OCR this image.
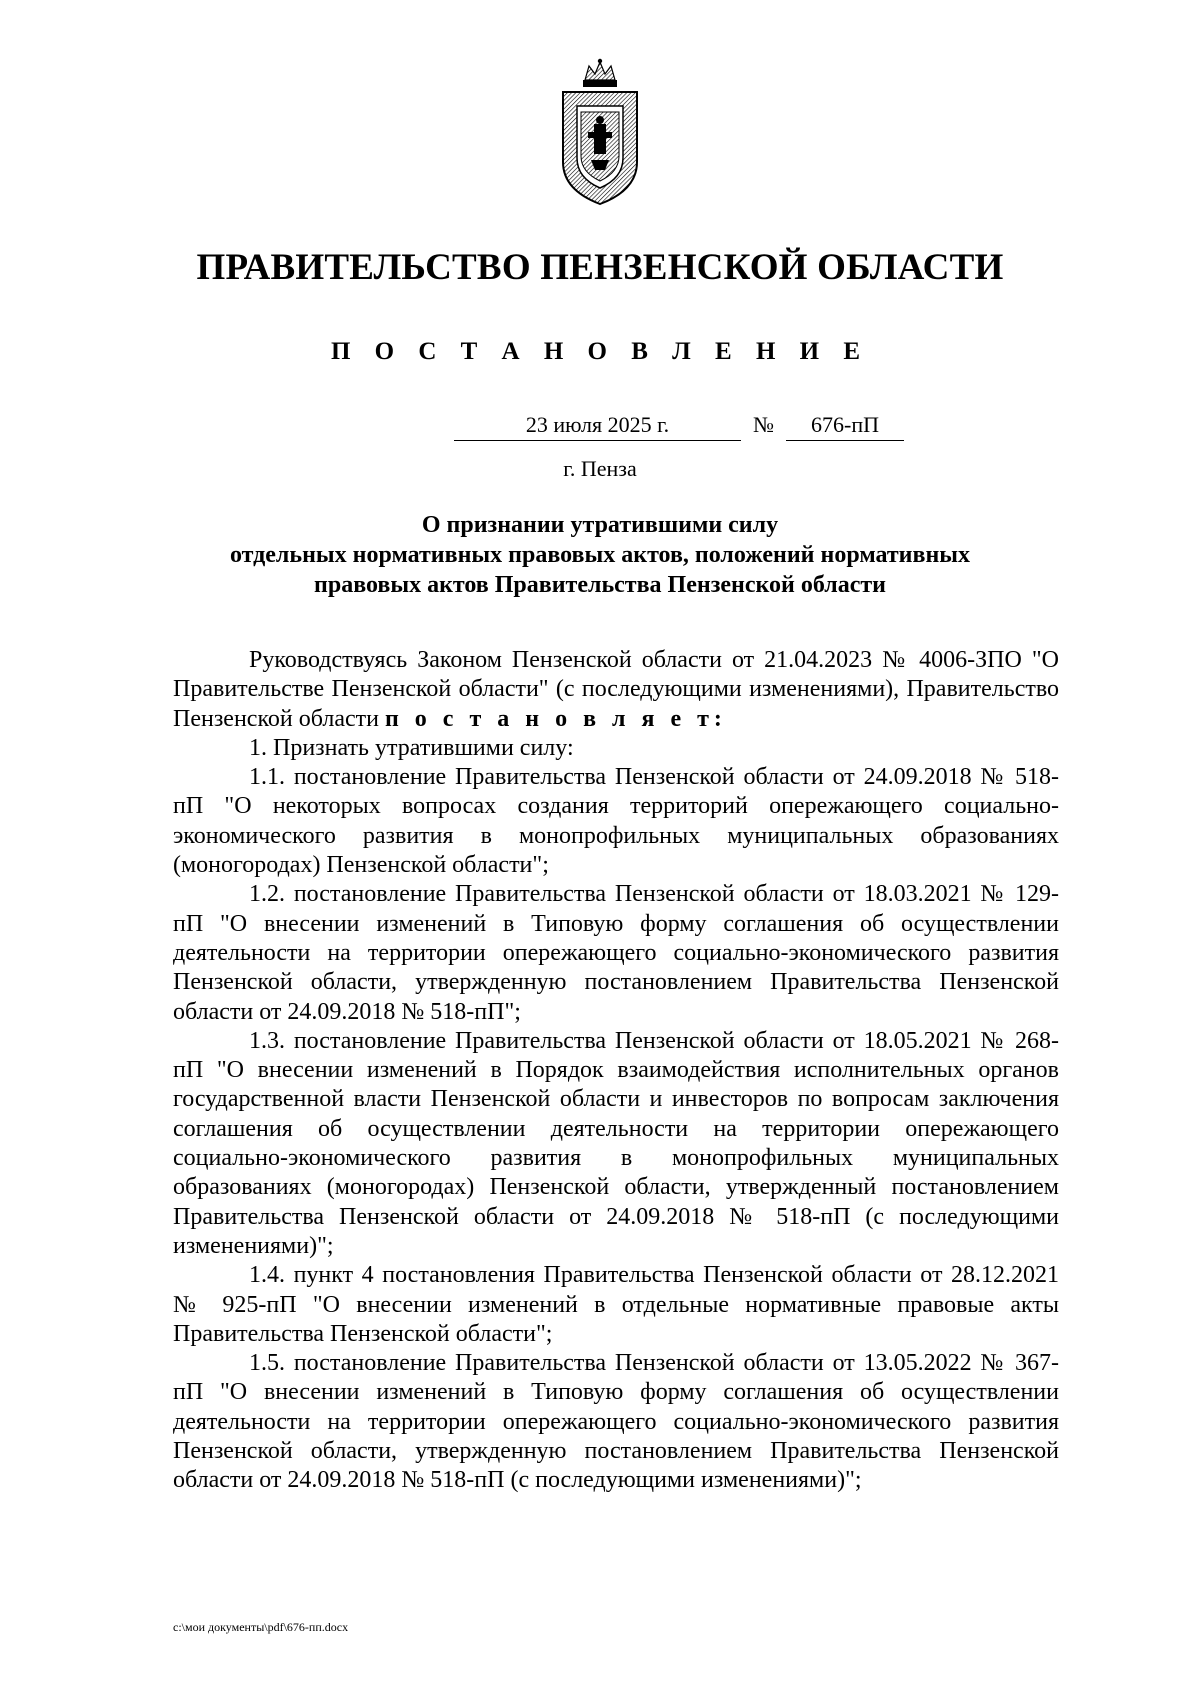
ПРАВИТЕЛЬСТВО ПЕНЗЕНСКОЙ ОБЛАСТИ
П О С Т А Н О В Л Е Н И Е
23 июля 2025 г.	№	676-пП

г. Пенза

О признании утратившими силу
отдельных нормативных правовых актов, положений нормативных
правовых актов Правительства Пензенской области

Руководствуясь Законом Пензенской области от 21.04.2023 № 4006-ЗПО "О Правительстве Пензенской области" (с последующими изменениями), Правительство Пензенской области п о с т а н о в л я е т:

1. Признать утратившими силу:

1.1. постановление Правительства Пензенской области от 24.09.2018 № 518-пП "О некоторых вопросах создания территорий опережающего социально-экономического развития в монопрофильных муниципальных образованиях (моногородах) Пензенской области";

1.2. постановление Правительства Пензенской области от 18.03.2021 № 129-пП "О внесении изменений в Типовую форму соглашения об осуществлении деятельности на территории опережающего социально-экономического развития Пензенской области, утвержденную постановлением Правительства Пензенской области от 24.09.2018 № 518-пП";

1.3. постановление Правительства Пензенской области от 18.05.2021 № 268-пП "О внесении изменений в Порядок взаимодействия исполнительных органов государственной власти Пензенской области и инвесторов по вопросам заключения соглашения об осуществлении деятельности на территории опережающего социально-экономического развития в монопрофильных муниципальных образованиях (моногородах) Пензенской области, утвержденный постановлением Правительства Пензенской области от 24.09.2018 № 518-пП (с последующими изменениями)";

1.4. пункт 4 постановления Правительства Пензенской области от 28.12.2021 № 925-пП "О внесении изменений в отдельные нормативные правовые акты Правительства Пензенской области";

1.5. постановление Правительства Пензенской области от 13.05.2022 № 367-пП "О внесении изменений в Типовую форму соглашения об осуществлении деятельности на территории опережающего социально-экономического развития Пензенской области, утвержденную постановлением Правительства Пензенской области от 24.09.2018 № 518-пП (с последующими изменениями)";

c:\мои документы\pdf\676-пп.docx
